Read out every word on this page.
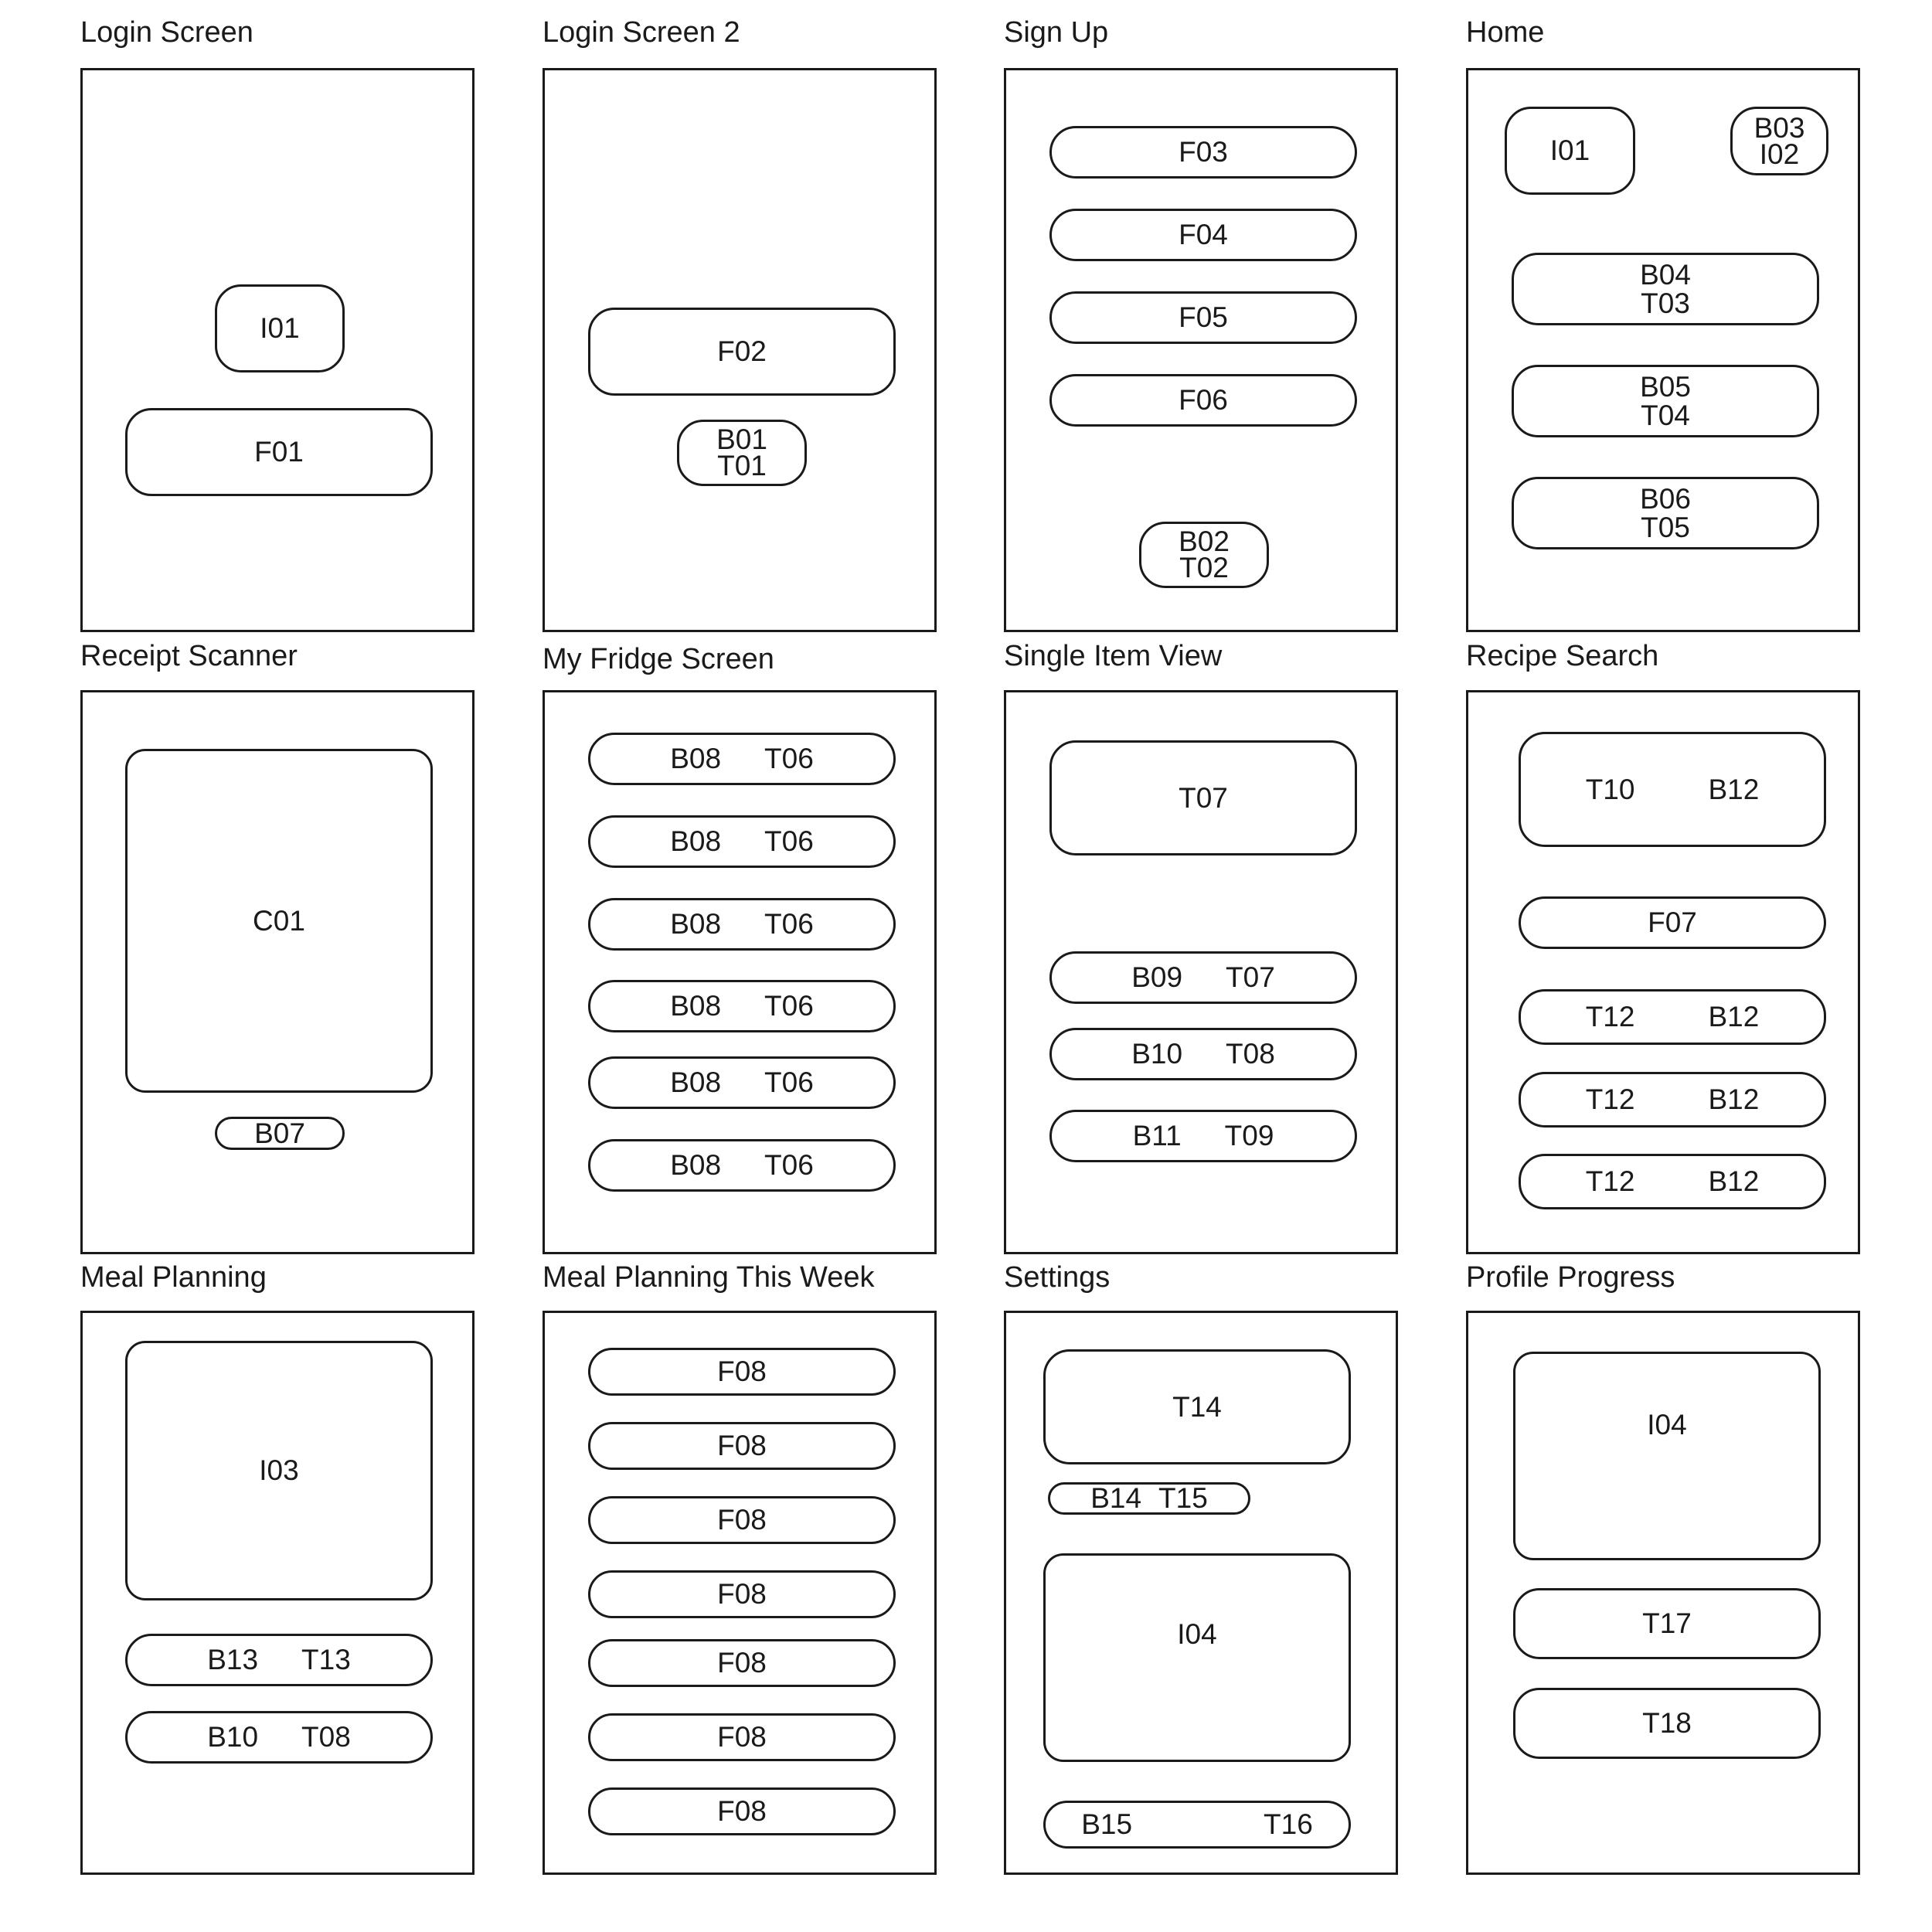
Login Screen
I01
F01
Login Screen 2
F02
B01
T01
Sign Up
F03
F04
F05
F06
B02
T02
Home
I01
B03
I02
B04
T03
B05
T04
B06
T05
Receipt Scanner
C01
B07
My Fridge Screen
B08 T06
B08 T06
B08 T06
B08 T06
B08 T06
B08 T06
Single Item View
T07
B09 T07
B10 T08
B11 T09
Recipe Search
T10	B12
F07
T12	B12
T12	B12
T12	B12
Meal Planning
I03
B13 T13
B10 T08
Meal Planning This Week
F08
F08
F08
F08
F08
F08
F08
Settings
T14
B14 T15
I04
B15	T16
Profile Progress
I04
T17
T18
